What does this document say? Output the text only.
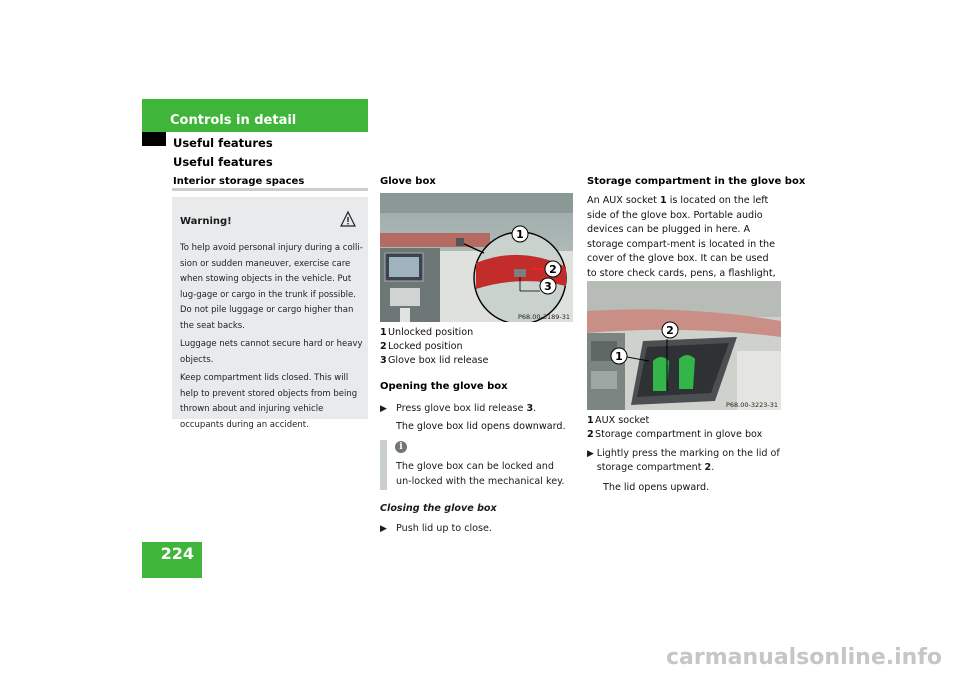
Controls in detail
Useful features
Useful features
224
Interior storage spaces
Warning!

To help avoid personal injury during a colli-sion or sudden maneuver, exercise care when stowing objects in the vehicle. Put lug-gage or cargo in the trunk if possible. Do not pile luggage or cargo higher than the seat backs.

Luggage nets cannot secure hard or heavy objects.

Keep compartment lids closed. This will help to prevent stored objects from being thrown about and injuring vehicle occupants during an accident.

Glove box
1
2
3
P68.00-3189-31
1 Unlocked position
2 Locked position
3 Glove box lid release
Opening the glove box
▶ Press glove box lid release 3.
The glove box lid opens downward.
i
The glove box can be locked and un-locked with the mechanical key.
Closing the glove box
▶ Push lid up to close.
Storage compartment in the glove box
An AUX socket 1 is located on the left side of the glove box. Portable audio devices can be plugged in here. A storage compart-ment is located in the cover of the glove box. It can be used to store check cards, pens, a flashlight,
1
2
P68.00-3223-31
1 AUX socket
2 Storage compartment in glove box
▶ Lightly press the marking on the lid of storage compartment 2.
The lid opens upward.
carmanualsonline.info
